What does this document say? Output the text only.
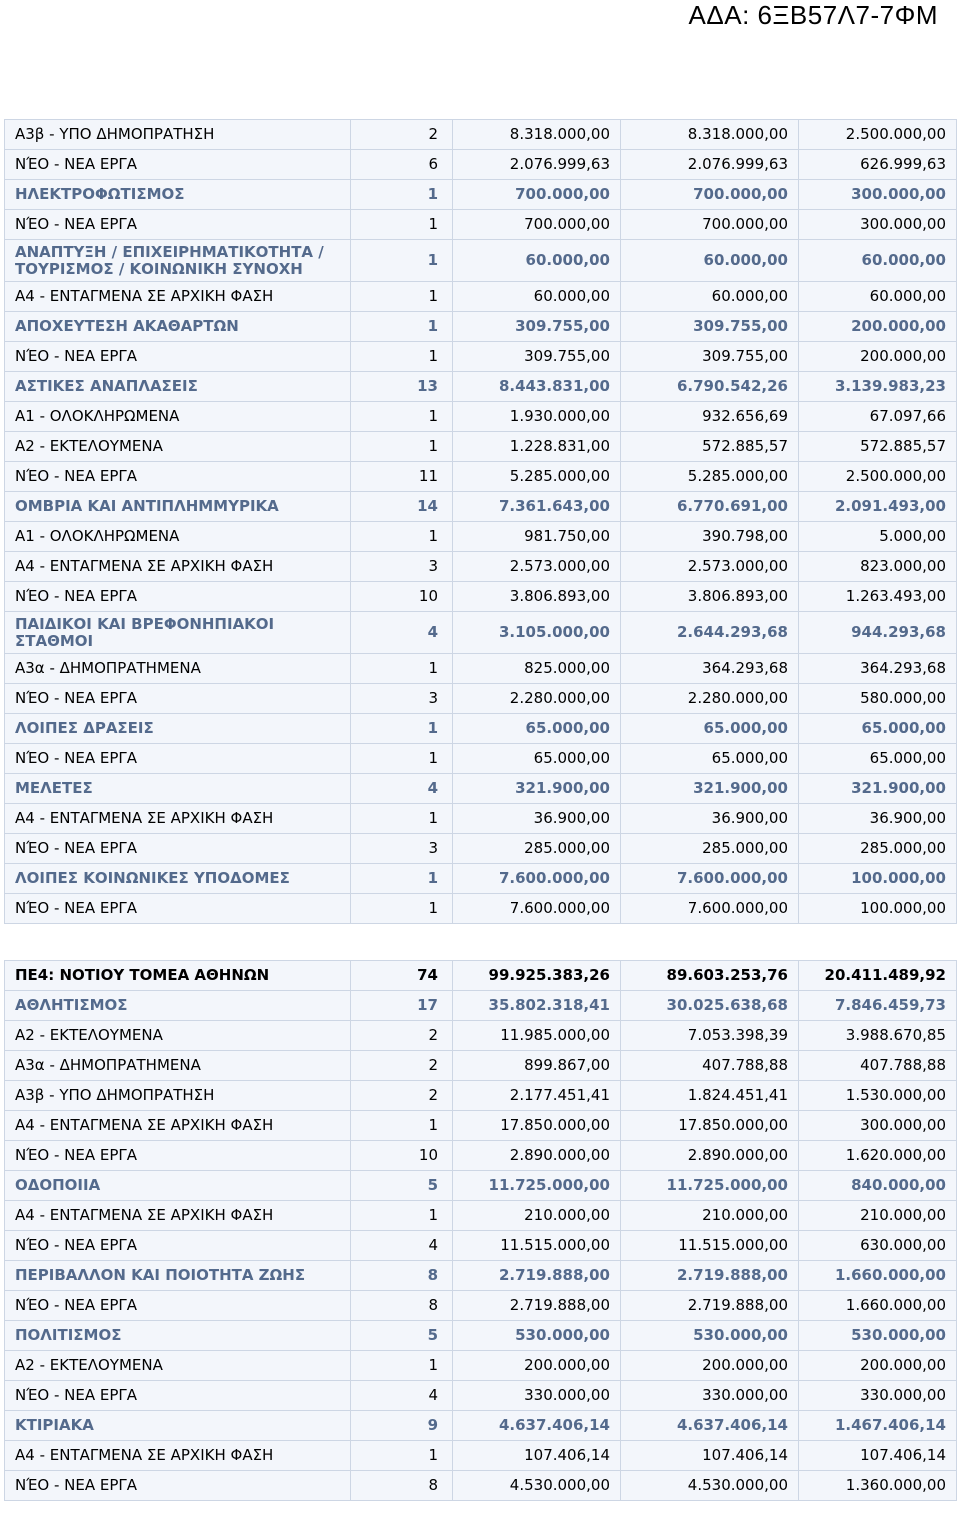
ΑΔΑ: 6ΞΒ57Λ7-7ΦΜ
Α3β - ΥΠΟ ΔΗΜΟΠΡΑΤΗΣΗ	2	8.318.000,00	8.318.000,00	2.500.000,00
ΝΈΟ - ΝΕΑ ΕΡΓΑ	6	2.076.999,63	2.076.999,63	626.999,63
ΗΛΕΚΤΡΟΦΩΤΙΣΜΟΣ	1	700.000,00	700.000,00	300.000,00
ΝΈΟ - ΝΕΑ ΕΡΓΑ	1	700.000,00	700.000,00	300.000,00
ΑΝΑΠΤΥΞΗ / ΕΠΙΧΕΙΡΗΜΑΤΙΚΟΤΗΤΑ / ΤΟΥΡΙΣΜΟΣ / ΚΟΙΝΩΝΙΚΗ ΣΥΝΟΧΗ	1	60.000,00	60.000,00	60.000,00
Α4 - ΕΝΤΑΓΜΕΝΑ ΣΕ ΑΡΧΙΚΗ ΦΑΣΗ	1	60.000,00	60.000,00	60.000,00
ΑΠΟΧΕΥΤΕΣΗ ΑΚΑΘΑΡΤΩΝ	1	309.755,00	309.755,00	200.000,00
ΝΈΟ - ΝΕΑ ΕΡΓΑ	1	309.755,00	309.755,00	200.000,00
ΑΣΤΙΚΕΣ ΑΝΑΠΛΑΣΕΙΣ	13	8.443.831,00	6.790.542,26	3.139.983,23
Α1 - ΟΛΟΚΛΗΡΩΜΕΝΑ	1	1.930.000,00	932.656,69	67.097,66
Α2 - ΕΚΤΕΛΟΥΜΕΝΑ	1	1.228.831,00	572.885,57	572.885,57
ΝΈΟ - ΝΕΑ ΕΡΓΑ	11	5.285.000,00	5.285.000,00	2.500.000,00
ΟΜΒΡΙΑ ΚΑΙ ΑΝΤΙΠΛΗΜΜΥΡΙΚΑ	14	7.361.643,00	6.770.691,00	2.091.493,00
Α1 - ΟΛΟΚΛΗΡΩΜΕΝΑ	1	981.750,00	390.798,00	5.000,00
Α4 - ΕΝΤΑΓΜΕΝΑ ΣΕ ΑΡΧΙΚΗ ΦΑΣΗ	3	2.573.000,00	2.573.000,00	823.000,00
ΝΈΟ - ΝΕΑ ΕΡΓΑ	10	3.806.893,00	3.806.893,00	1.263.493,00
ΠΑΙΔΙΚΟΙ ΚΑΙ ΒΡΕΦΟΝΗΠΙΑΚΟΙ ΣΤΑΘΜΟΙ	4	3.105.000,00	2.644.293,68	944.293,68
Α3α - ΔΗΜΟΠΡΑΤΗΜΕΝΑ	1	825.000,00	364.293,68	364.293,68
ΝΈΟ - ΝΕΑ ΕΡΓΑ	3	2.280.000,00	2.280.000,00	580.000,00
ΛΟΙΠΕΣ ΔΡΑΣΕΙΣ	1	65.000,00	65.000,00	65.000,00
ΝΈΟ - ΝΕΑ ΕΡΓΑ	1	65.000,00	65.000,00	65.000,00
ΜΕΛΕΤΕΣ	4	321.900,00	321.900,00	321.900,00
Α4 - ΕΝΤΑΓΜΕΝΑ ΣΕ ΑΡΧΙΚΗ ΦΑΣΗ	1	36.900,00	36.900,00	36.900,00
ΝΈΟ - ΝΕΑ ΕΡΓΑ	3	285.000,00	285.000,00	285.000,00
ΛΟΙΠΕΣ ΚΟΙΝΩΝΙΚΕΣ ΥΠΟΔΟΜΕΣ	1	7.600.000,00	7.600.000,00	100.000,00
ΝΈΟ - ΝΕΑ ΕΡΓΑ	1	7.600.000,00	7.600.000,00	100.000,00
ΠΕ4: ΝΟΤΙΟΥ ΤΟΜΕΑ ΑΘΗΝΩΝ	74	99.925.383,26	89.603.253,76	20.411.489,92
ΑΘΛΗΤΙΣΜΟΣ	17	35.802.318,41	30.025.638,68	7.846.459,73
Α2 - ΕΚΤΕΛΟΥΜΕΝΑ	2	11.985.000,00	7.053.398,39	3.988.670,85
Α3α - ΔΗΜΟΠΡΑΤΗΜΕΝΑ	2	899.867,00	407.788,88	407.788,88
Α3β - ΥΠΟ ΔΗΜΟΠΡΑΤΗΣΗ	2	2.177.451,41	1.824.451,41	1.530.000,00
Α4 - ΕΝΤΑΓΜΕΝΑ ΣΕ ΑΡΧΙΚΗ ΦΑΣΗ	1	17.850.000,00	17.850.000,00	300.000,00
ΝΈΟ - ΝΕΑ ΕΡΓΑ	10	2.890.000,00	2.890.000,00	1.620.000,00
ΟΔΟΠΟΙΙΑ	5	11.725.000,00	11.725.000,00	840.000,00
Α4 - ΕΝΤΑΓΜΕΝΑ ΣΕ ΑΡΧΙΚΗ ΦΑΣΗ	1	210.000,00	210.000,00	210.000,00
ΝΈΟ - ΝΕΑ ΕΡΓΑ	4	11.515.000,00	11.515.000,00	630.000,00
ΠΕΡΙΒΑΛΛΟΝ ΚΑΙ ΠΟΙΟΤΗΤΑ ΖΩΗΣ	8	2.719.888,00	2.719.888,00	1.660.000,00
ΝΈΟ - ΝΕΑ ΕΡΓΑ	8	2.719.888,00	2.719.888,00	1.660.000,00
ΠΟΛΙΤΙΣΜΟΣ	5	530.000,00	530.000,00	530.000,00
Α2 - ΕΚΤΕΛΟΥΜΕΝΑ	1	200.000,00	200.000,00	200.000,00
ΝΈΟ - ΝΕΑ ΕΡΓΑ	4	330.000,00	330.000,00	330.000,00
ΚΤΙΡΙΑΚΑ	9	4.637.406,14	4.637.406,14	1.467.406,14
Α4 - ΕΝΤΑΓΜΕΝΑ ΣΕ ΑΡΧΙΚΗ ΦΑΣΗ	1	107.406,14	107.406,14	107.406,14
ΝΈΟ - ΝΕΑ ΕΡΓΑ	8	4.530.000,00	4.530.000,00	1.360.000,00
